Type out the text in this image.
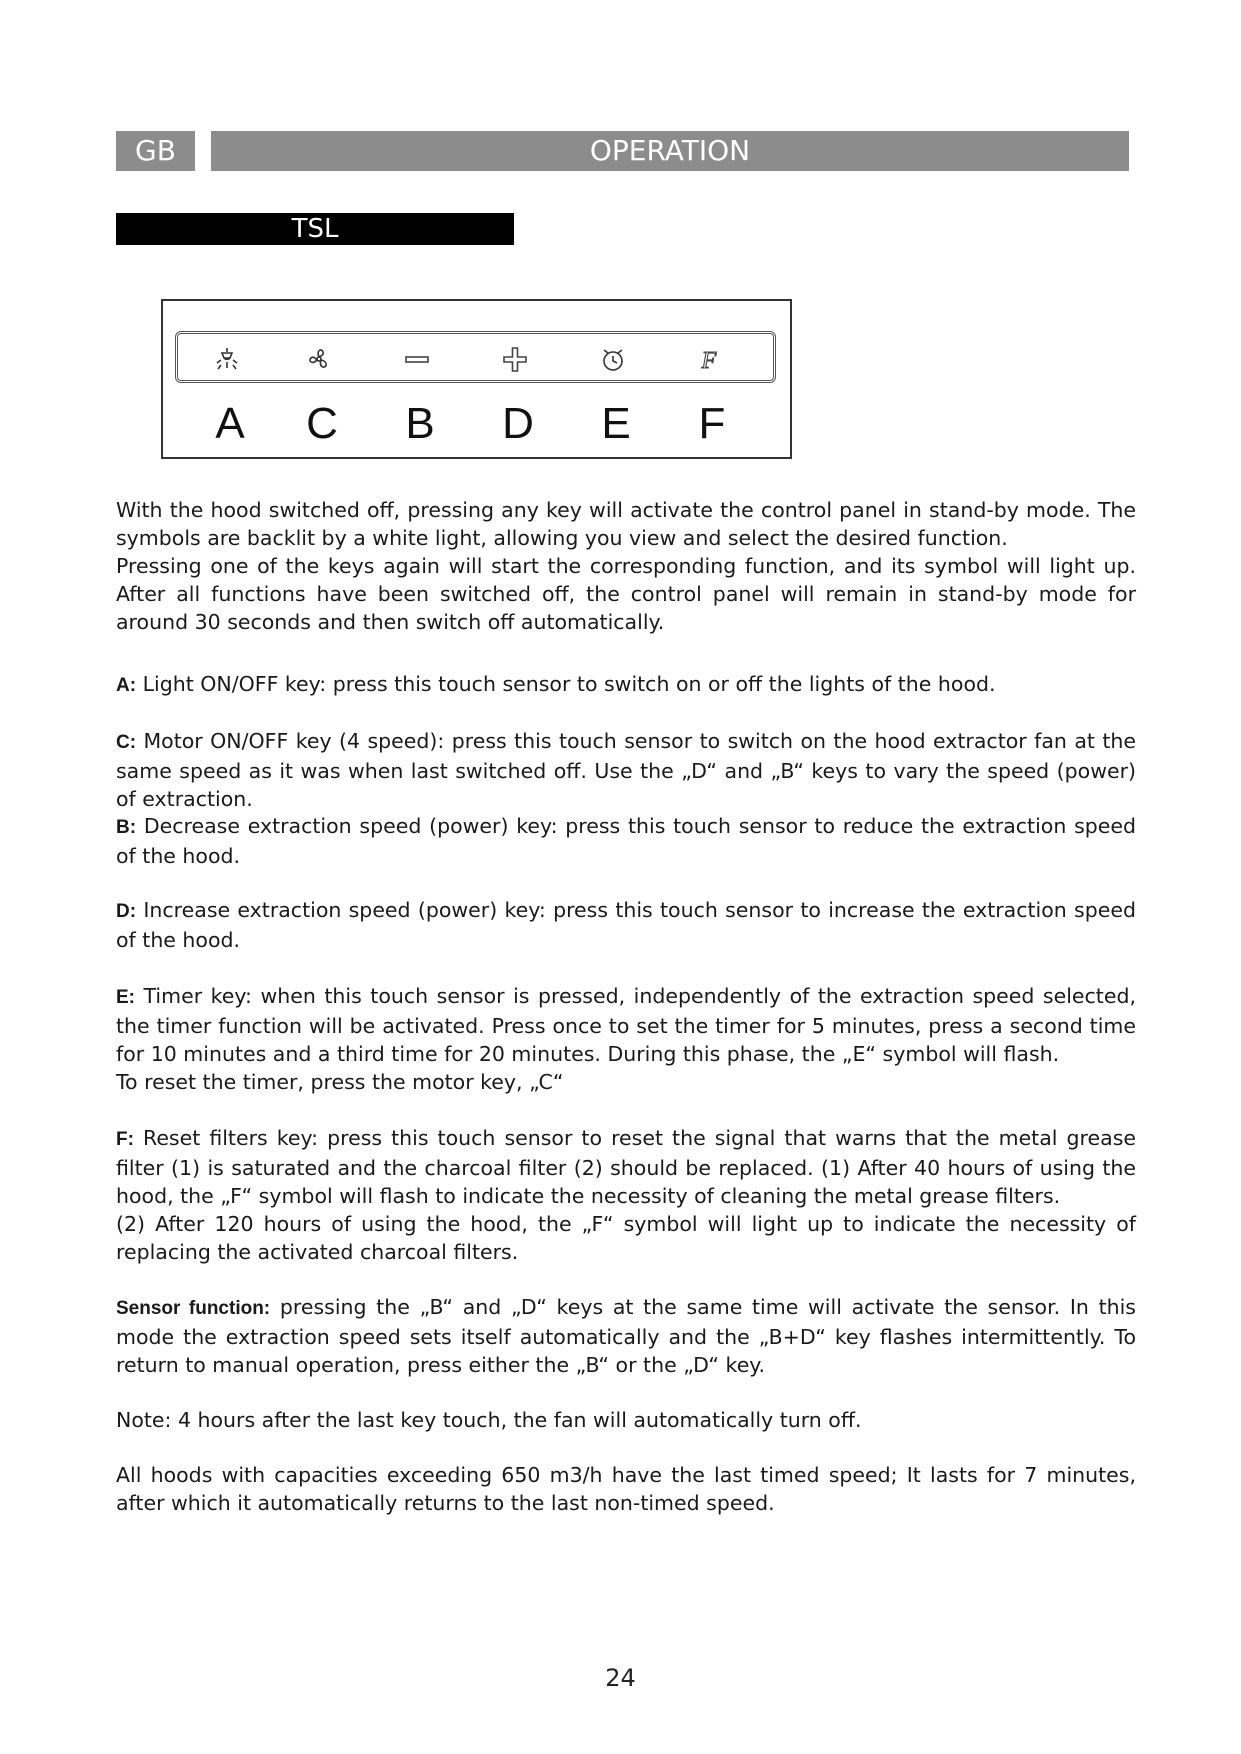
GB	OPERATION
TSL
F
A C B D E F

With the hood switched off, pressing any key will activate the control panel in stand-by mode. The symbols are backlit by a white light, allowing you view and select the desired function.

Pressing one of the keys again will start the corresponding function, and its symbol will light up. After all functions have been switched off, the control panel will remain in stand-by mode for around 30 seconds and then switch off automatically.

A: Light ON/OFF key: press this touch sensor to switch on or off the lights of the hood.

C: Motor ON/OFF key (4 speed): press this touch sensor to switch on the hood extractor fan at the same speed as it was when last switched off. Use the „D“ and „B“ keys to vary the speed (power) of extraction.

B: Decrease extraction speed (power) key: press this touch sensor to reduce the extraction speed of the hood.

D: Increase extraction speed (power) key: press this touch sensor to increase the extraction speed of the hood.

E: Timer key: when this touch sensor is pressed, independently of the extraction speed selected, the timer function will be activated. Press once to set the timer for 5 minutes, press a second time for 10 minutes and a third time for 20 minutes. During this phase, the „E“ symbol will flash.

To reset the timer, press the motor key, „C“

F: Reset filters key: press this touch sensor to reset the signal that warns that the metal grease filter (1) is saturated and the charcoal filter (2) should be replaced. (1) After 40 hours of using the hood, the „F“ symbol will flash to indicate the necessity of cleaning the metal grease filters.

(2) After 120 hours of using the hood, the „F“ symbol will light up to indicate the necessity of replacing the activated charcoal filters.

Sensor function: pressing the „B“ and „D“ keys at the same time will activate the sensor. In this mode the extraction speed sets itself automatically and the „B+D“ key flashes intermittently. To return to manual operation, press either the „B“ or the „D“ key.

Note: 4 hours after the last key touch, the fan will automatically turn off.

All hoods with capacities exceeding 650 m3/h have the last timed speed; It lasts for 7 minutes, after which it automatically returns to the last non-timed speed.

24
